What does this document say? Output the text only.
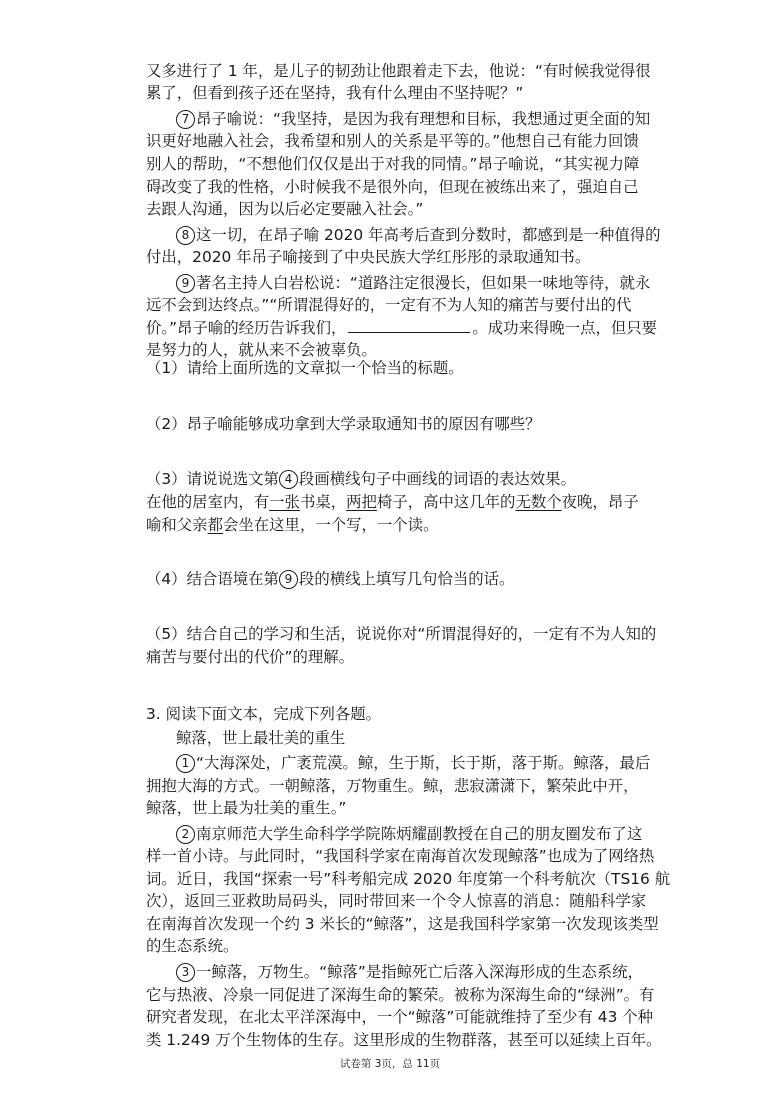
又多进行了 1 年，是儿子的韧劲让他跟着走下去，他说：“有时候我觉得很
累了，但看到孩子还在坚持，我有什么理由不坚持呢？”
7 昂子喻说：“我坚持，是因为我有理想和目标，我想通过更全面的知
识更好地融入社会，我希望和别人的关系是平等的。”他想自己有能力回馈
别人的帮助，“不想他们仅仅是出于对我的同情。”昂子喻说，“其实视力障
碍改变了我的性格，小时候我不是很外向，但现在被练出来了，强迫自己
去跟人沟通，因为以后必定要融入社会。”
8 这一切，在昂子喻 2020 年高考后查到分数时，都感到是一种值得的
付出，2020 年吊子喻接到了中央民族大学红彤彤的录取通知书。
9 著名主持人白岩松说：“道路注定很漫长，但如果一味地等待，就永
远不会到达终点。”“所谓混得好的，一定有不为人知的痛苦与要付出的代
价。”昂子喻的经历告诉我们，	。成功来得晚一点，但只要
是努力的人，就从来不会被辜负。
（1）请给上面所选的文章拟一个恰当的标题。
（2）昂子喻能够成功拿到大学录取通知书的原因有哪些？
（3）请说说选文第 4 段画横线句子中画线的词语的表达效果。
在他的居室内，有一张书桌，两把椅子，高中这几年的无数个夜晚，昂子
喻和父亲都会坐在这里，一个写，一个读。
（4）结合语境在第 9 段的横线上填写几句恰当的话。
（5）结合自己的学习和生活，说说你对“所谓混得好的，一定有不为人知的
痛苦与要付出的代价”的理解。
3. 阅读下面文本，完成下列各题。
鲸落，世上最壮美的重生
1 “大海深处，广袤荒漠。鲸，生于斯，长于斯，落于斯。鲸落，最后
拥抱大海的方式。一朝鲸落，万物重生。鲸，悲寂潇潇下，繁荣此中开，
鲸落，世上最为壮美的重生。”
2 南京师范大学生命科学学院陈炳耀副教授在自己的朋友圈发布了这
样一首小诗。与此同时，“我国科学家在南海首次发现鲸落”也成为了网络热
词。近日，我国“探索一号”科考船完成 2020 年度第一个科考航次（TS16 航
次），返回三亚救助局码头，同时带回来一个令人惊喜的消息：随船科学家
在南海首次发现一个约 3 米长的“鲸落”，这是我国科学家第一次发现该类型
的生态系统。
3 一鲸落，万物生。“鲸落”是指鲸死亡后落入深海形成的生态系统，
它与热液、冷泉一同促进了深海生命的繁荣。被称为深海生命的“绿洲”。有
研究者发现，在北太平洋深海中，一个“鲸落”可能就维持了至少有 43 个种
类 1.249 万个生物体的生存。这里形成的生物群落，甚至可以延续上百年。
试卷第 3页，总 11页
